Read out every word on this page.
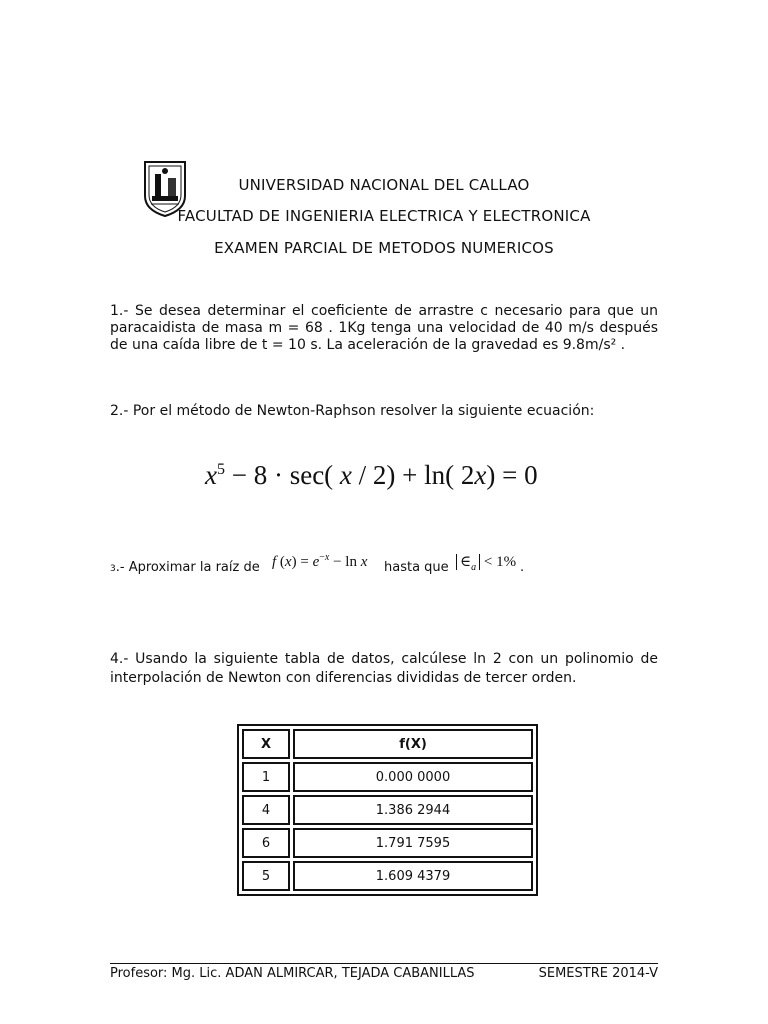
UNIVERSIDAD NACIONAL DEL CALLAO
FACULTAD DE INGENIERIA ELECTRICA Y ELECTRONICA
EXAMEN PARCIAL DE METODOS NUMERICOS
1.- Se desea determinar el coeficiente de arrastre c necesario para que un paracaidista de masa m = 68 . 1Kg tenga una velocidad de 40 m/s después de una caída libre de t = 10 s. La aceleración de la gravedad es 9.8m/s² .
2.- Por el método de Newton-Raphson resolver la siguiente ecuación:
$x^5 - 8 \cdot \sec$( x / 2) + ln( 2x) = 0
3.- Aproximar la raíz de f $(x) = e^{-x} - \ln x$ hasta que $\in_a < 1\%$ .
4.- Usando la siguiente tabla de datos, calcúlese ln 2 con un polinomio de interpolación de Newton con diferencias divididas de tercer orden.
X	f(X)
1	0.000 0000
4	1.386 2944
6	1.791 7595
5	1.609 4379
Profesor: Mg. Lic. ADAN ALMIRCAR, TEJADA CABANILLAS	SEMESTRE 2014-V
